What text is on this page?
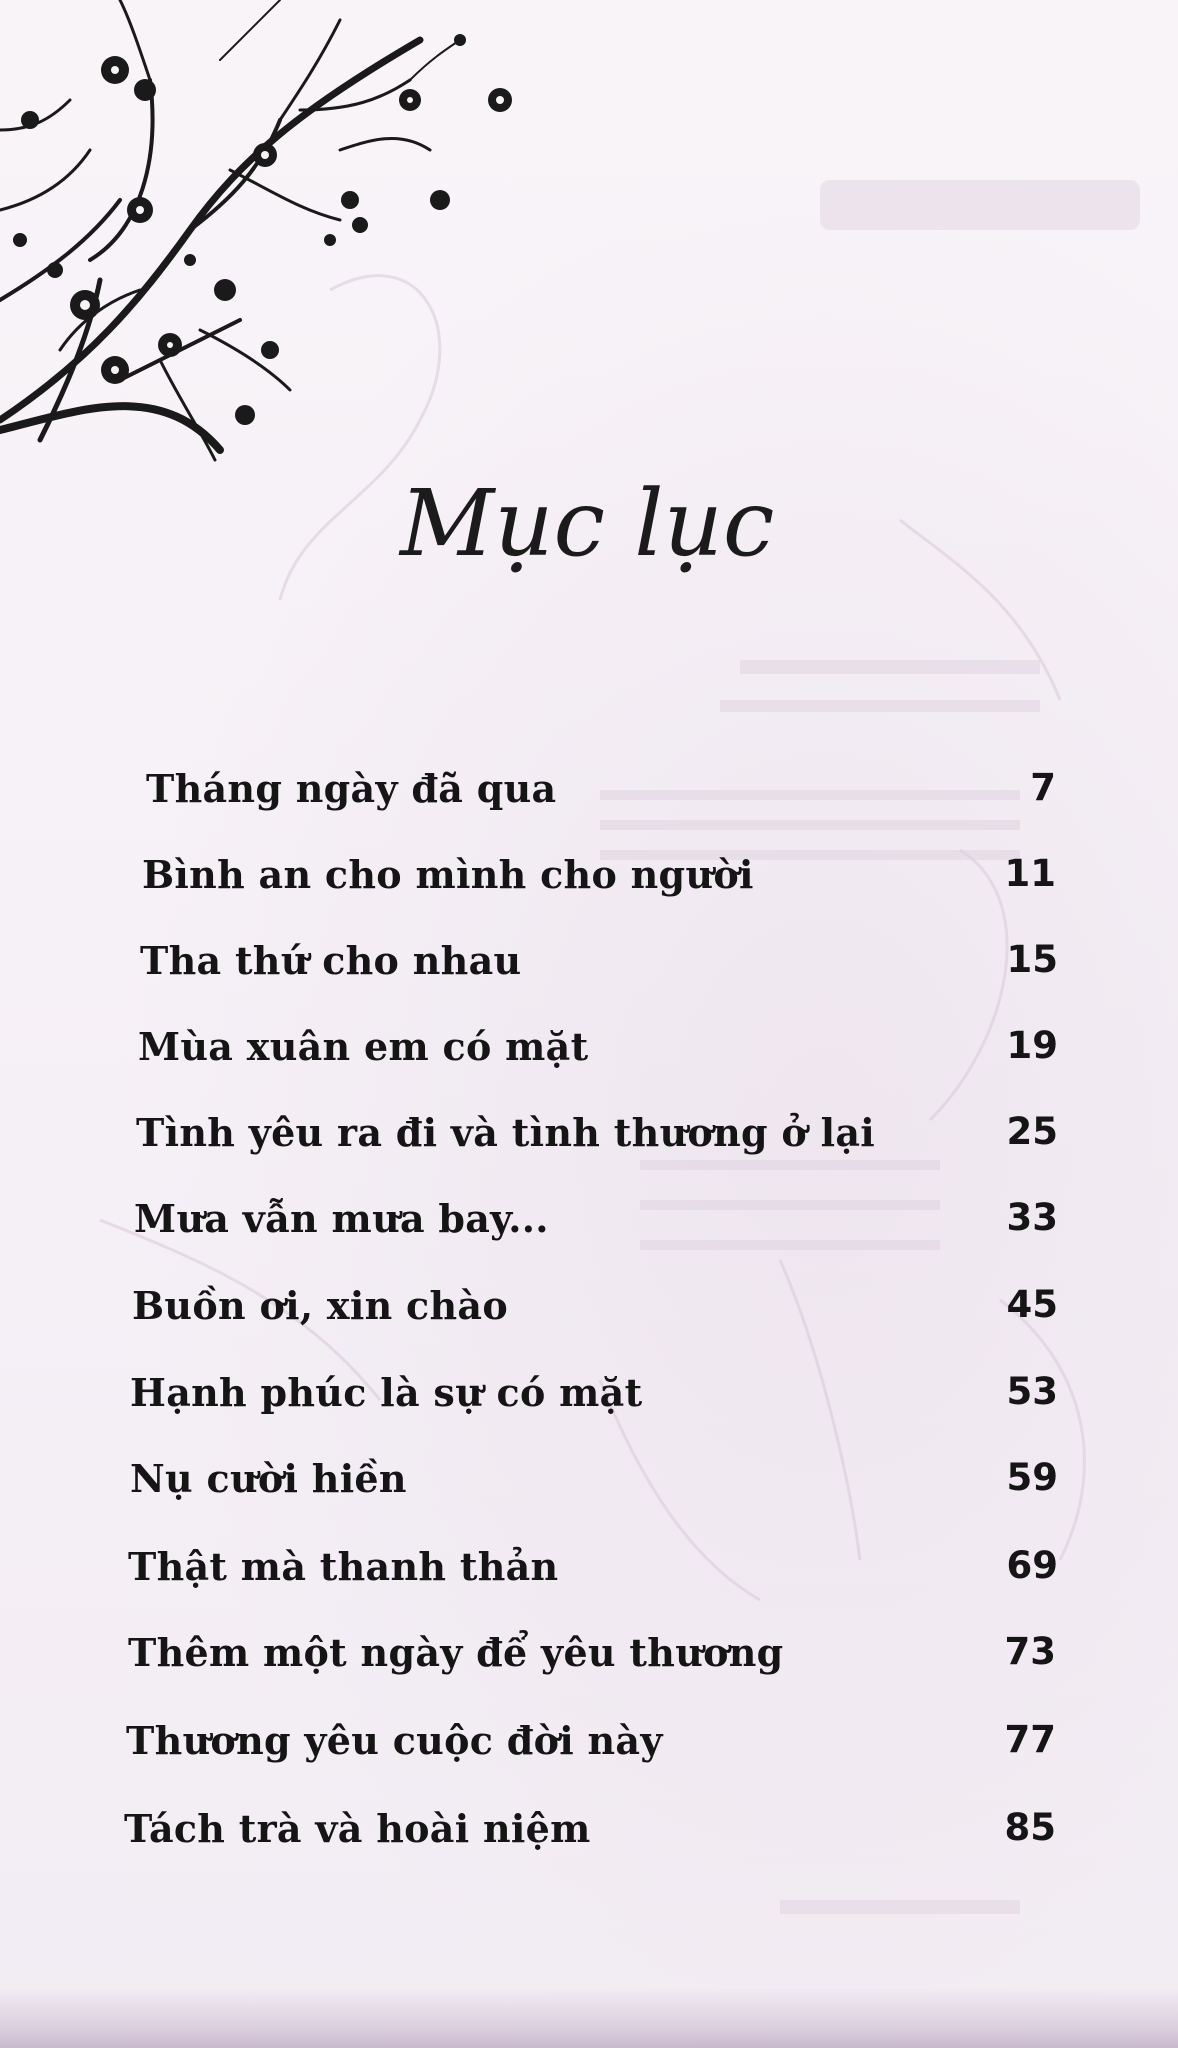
Mục lục
Tháng ngày đã qua	7
Bình an cho mình cho người	11
Tha thứ cho nhau	15
Mùa xuân em có mặt	19
Tình yêu ra đi và tình thương ở lại	25
Mưa vẫn mưa bay...	33
Buồn ơi, xin chào	45
Hạnh phúc là sự có mặt	53
Nụ cười hiền	59
Thật mà thanh thản	69
Thêm một ngày để yêu thương	73
Thương yêu cuộc đời này	77
Tách trà và hoài niệm	85
